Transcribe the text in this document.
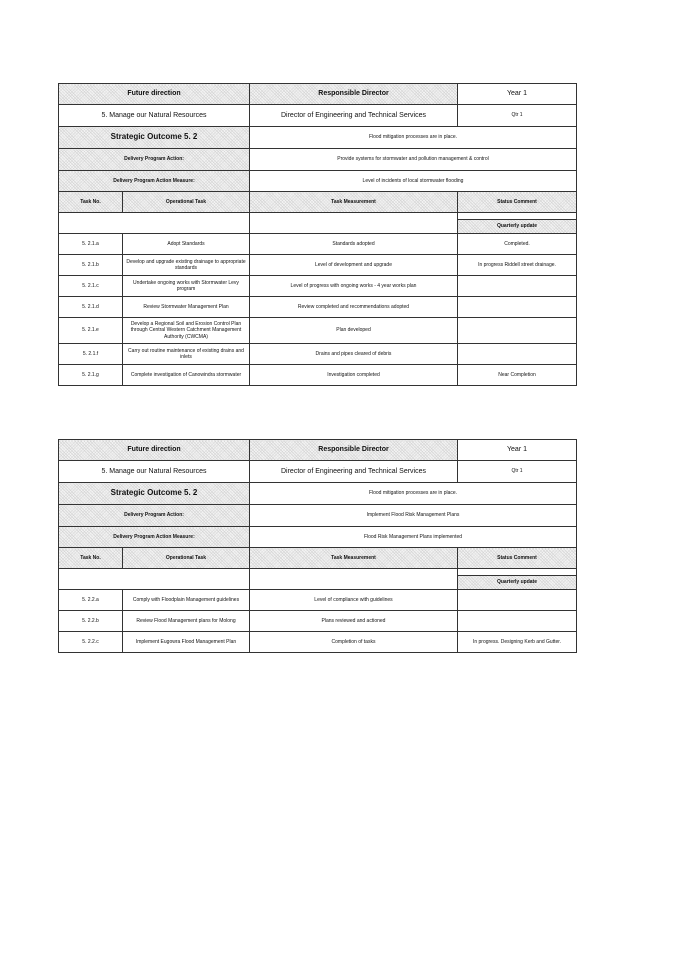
Future direction		Responsible Director	Year 1
5. Manage our Natural Resources		Director of Engineering and Technical Services	Qtr 1
Strategic Outcome 5. 2		Flood mitigation processes are in place.	
Delivery Program Action:		Provide systems for stormwater and pollution management & control	
Delivery Program Action Measure:		Level of incidents of local stormwater flooding	
Task No.	Operational Task	Task Measurement	Status Comment

			Quarterly update

5. 2.1.a	Adopt Standards	Standards adopted	Completed.
5. 2.1.b	Develop and upgrade existing drainage to appropriate standards	Level of development and upgrade	In progress Riddell street drainage.
5. 2.1.c	Undertake ongoing works with Stormwater Levy program	Level of progress with ongoing works - 4 year works plan	
5. 2.1.d	Review Stormwater Management Plan	Review completed and recommendations adopted	
5. 2.1.e	Develop a Regional Soil and Erosion Control Plan through Central Western Catchment Management Authority (CWCMA)	Plan developed	
5. 2.1.f	Carry out routine maintenance of existing drains and inlets	Drains and pipes cleared of debris	
5. 2.1.g	Complete investigation of Canowindra stormwater	Investigation completed	Near Completion
Future direction		Responsible Director	Year 1
5. Manage our Natural Resources		Director of Engineering and Technical Services	Qtr 1
Strategic Outcome 5. 2		Flood mitigation processes are in place.	
Delivery Program Action:		Implement Flood Risk Management Plans	
Delivery Program Action Measure:		Flood Risk Management Plans implemented	
Task No.	Operational Task	Task Measurement	Status Comment

			Quarterly update

5. 2.2.a	Comply with Floodplain Management guidelines	Level of compliance with guidelines	
5. 2.2.b	Review Flood Management plans for Molong	Plans reviewed and actioned	
5. 2.2.c	Implement Eugowra Flood Management Plan	Completion of tasks	In progress. Designing Kerb and Gutter.
